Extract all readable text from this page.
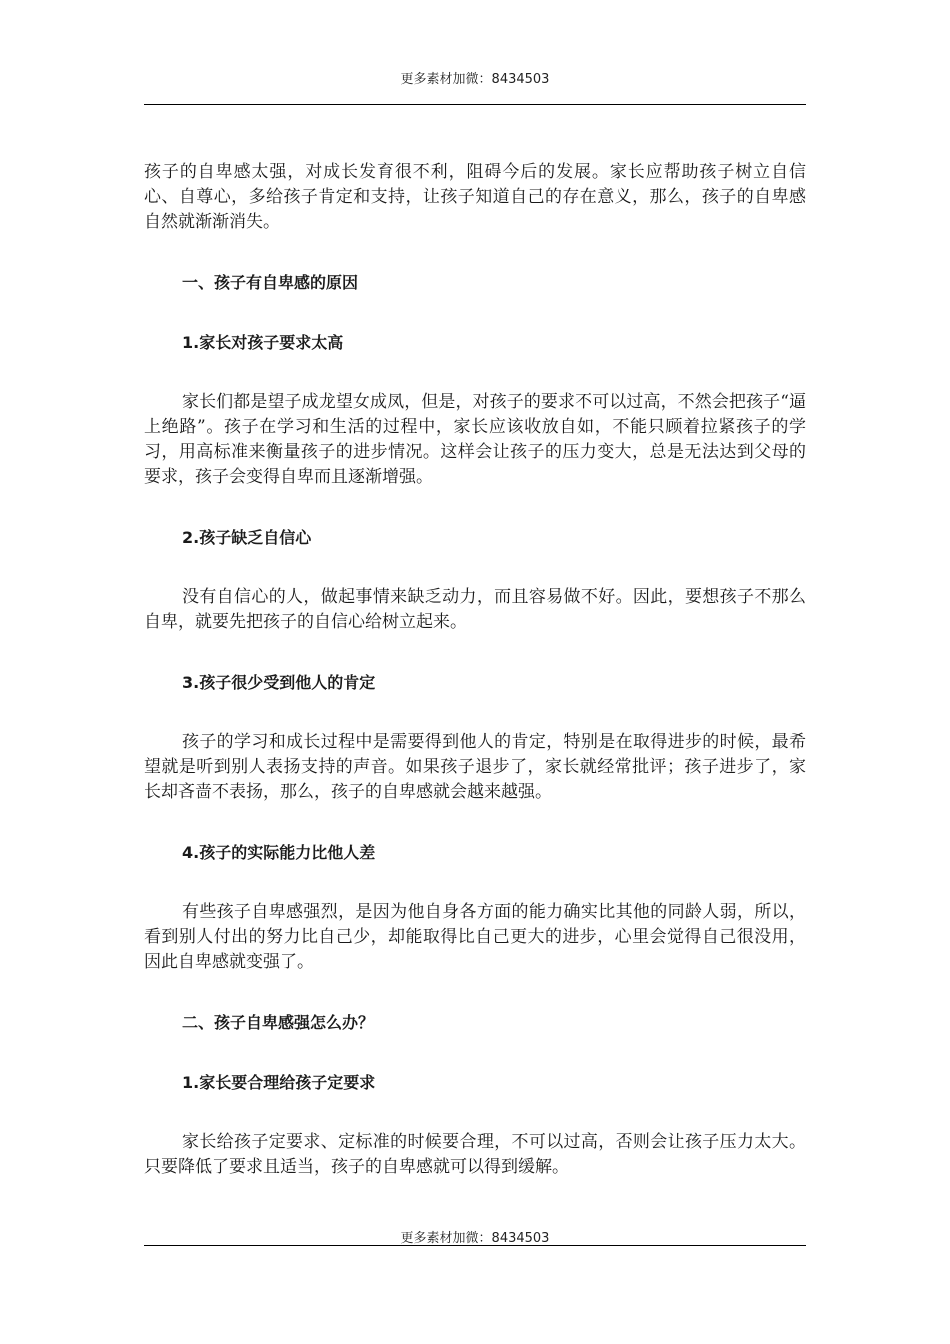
更多素材加微：8434503

孩子的自卑感太强，对成长发育很不利，阻碍今后的发展。家长应帮助孩子树立自信心、自尊心，多给孩子肯定和支持，让孩子知道自己的存在意义，那么，孩子的自卑感自然就渐渐消失。

一、孩子有自卑感的原因
1.家长对孩子要求太高

家长们都是望子成龙望女成凤，但是，对孩子的要求不可以过高，不然会把孩子“逼上绝路”。孩子在学习和生活的过程中，家长应该收放自如，不能只顾着拉紧孩子的学习，用高标准来衡量孩子的进步情况。这样会让孩子的压力变大，总是无法达到父母的要求，孩子会变得自卑而且逐渐增强。

2.孩子缺乏自信心

没有自信心的人，做起事情来缺乏动力，而且容易做不好。因此，要想孩子不那么自卑，就要先把孩子的自信心给树立起来。

3.孩子很少受到他人的肯定

孩子的学习和成长过程中是需要得到他人的肯定，特别是在取得进步的时候，最希望就是听到别人表扬支持的声音。如果孩子退步了，家长就经常批评；孩子进步了，家长却吝啬不表扬，那么，孩子的自卑感就会越来越强。

4.孩子的实际能力比他人差

有些孩子自卑感强烈，是因为他自身各方面的能力确实比其他的同龄人弱，所以，看到别人付出的努力比自己少，却能取得比自己更大的进步，心里会觉得自己很没用，因此自卑感就变强了。

二、孩子自卑感强怎么办？
1.家长要合理给孩子定要求

家长给孩子定要求、定标准的时候要合理，不可以过高，否则会让孩子压力太大。只要降低了要求且适当，孩子的自卑感就可以得到缓解。

更多素材加微：8434503
